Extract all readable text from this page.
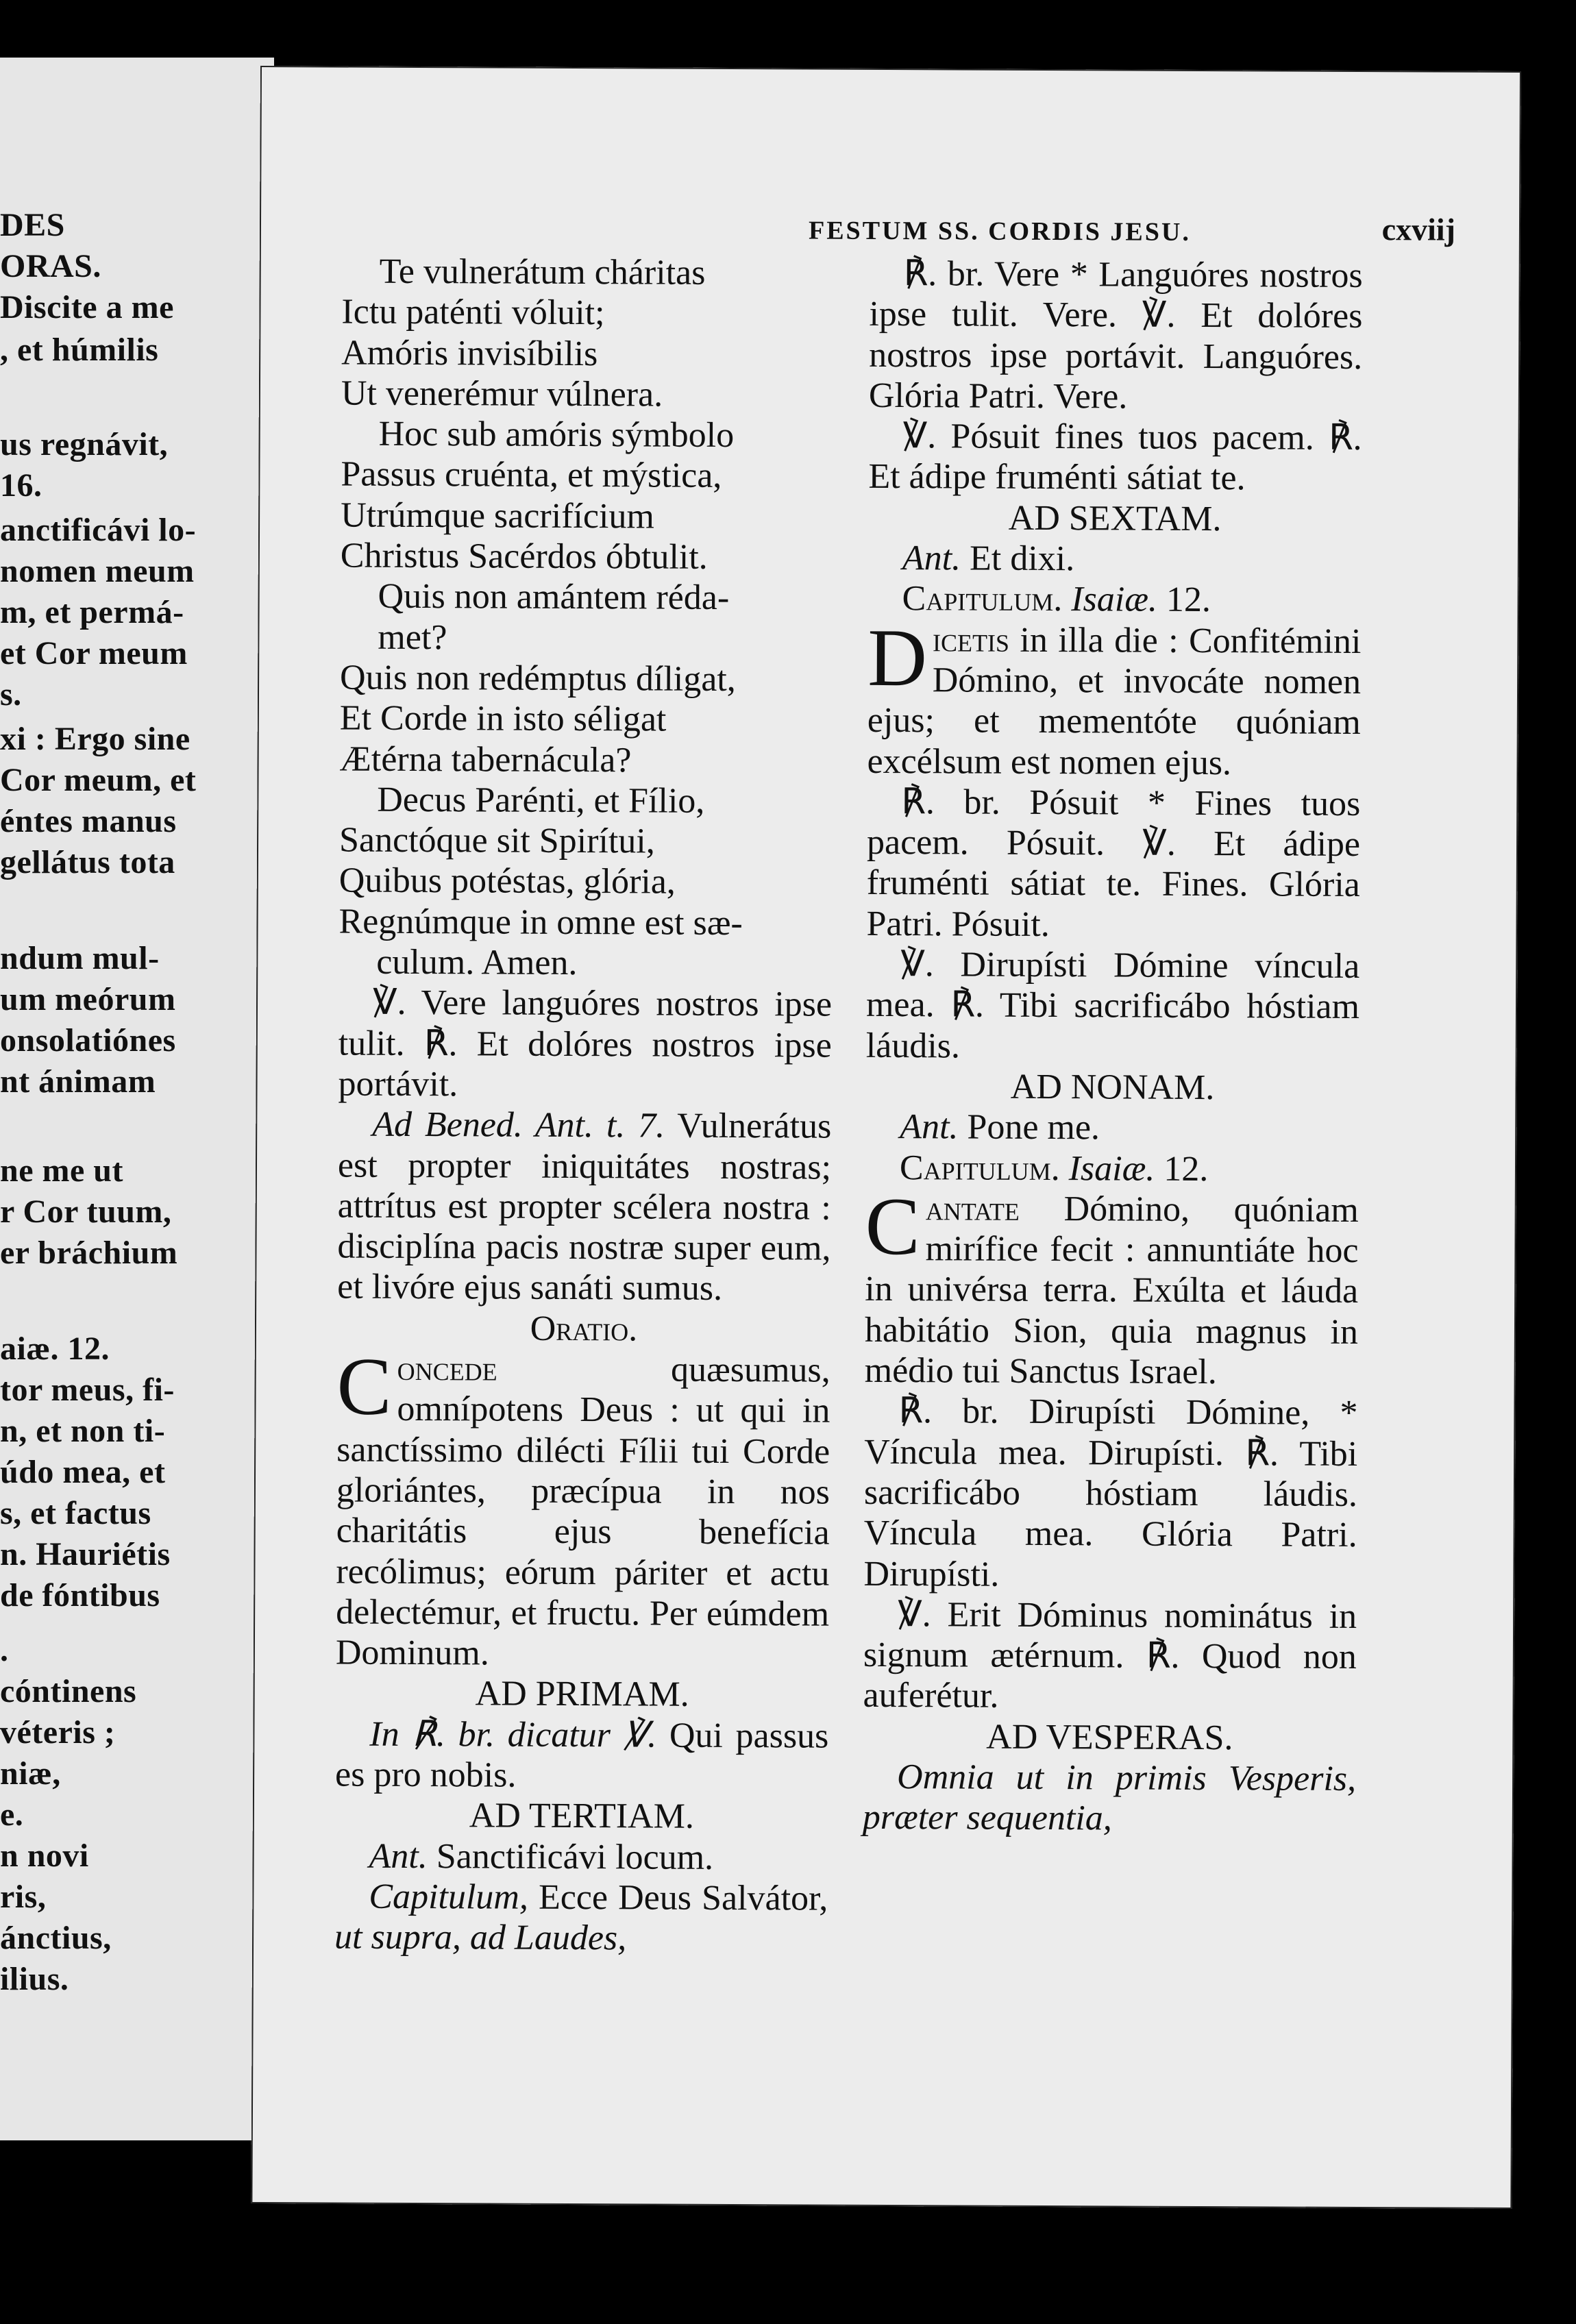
DES
ORAS.
Discite a me
, et húmilis
us regnávit,
16.
anctificávi lo-
nomen meum
m, et permá-
et Cor meum
s.
xi : Ergo sine
Cor meum, et
éntes manus
gellátus tota
ndum mul-
um meórum
onsolatiónes
nt ánimam
ne me ut
r Cor tuum,
er bráchium
aiæ. 12.
tor meus, fi-
n, et non ti-
údo mea, et
s, et factus
n. Hauriétis
de fóntibus
.
cóntinens
véteris ;
niæ,
e.
n novi
ris,
ánctius,
ilius.
FESTUM SS. CORDIS JESU.	cxviij

Te vulnerátum cháritas

Ictu paténti vóluit;

Amóris invisíbilis

Ut venerémur vúlnera.

Hoc sub amóris sýmbolo

Passus cruénta, et mýstica,

Utrúmque sacrifícium

Christus Sacérdos óbtulit.

Quis non amántem réda-

met?

Quis non redémptus díligat,

Et Corde in isto séligat

Ætérna tabernácula?

Decus Parénti, et Fílio,

Sanctóque sit Spirítui,

Quibus potéstas, glória,

Regnúmque in omne est sæ-

culum. Amen.

℣. Vere languóres nostros ipse tulit. ℟. Et dolóres nostros ipse portávit.

Ad Bened. Ant. t. 7. Vulnerátus est propter iniquitátes nostras; attrítus est propter scélera nostra : disciplína pacis nostræ super eum, et livóre ejus sanáti sumus.

Oratio.

Concede	quæsumus, omnípotens Deus : ut qui in sanctíssimo dilécti Fílii tui Corde gloriántes, præcípua in nos charitátis ejus benefícia recólimus; eórum páriter et actu delectémur, et fructu. Per eúmdem Dominum.

AD PRIMAM.

In ℟. br. dicatur ℣. Qui passus es pro nobis.

AD TERTIAM.

Ant. Sanctificávi locum.

Capitulum, Ecce Deus Salvátor, ut supra, ad Laudes,

℟. br. Vere * Languóres nostros ipse tulit. Vere. ℣. Et dolóres nostros ipse portávit. Languóres. Glória Patri. Vere.

℣. Pósuit fines tuos pacem. ℟. Et ádipe fruménti sátiat te.

AD SEXTAM.

Ant. Et dixi.

Capitulum. Isaiæ. 12.

Dicetis in illa die : Confitémini Dómino, et invocáte nomen ejus; et mementóte quóniam excélsum est nomen ejus.

℟. br. Pósuit * Fines tuos pacem. Pósuit. ℣. Et ádipe fruménti sátiat te. Fines. Glória Patri. Pósuit.

℣. Dirupísti Dómine víncula mea. ℟. Tibi sacrificábo hóstiam láudis.

AD NONAM.

Ant. Pone me.

Capitulum. Isaiæ. 12.

Cantate Dómino, quóniam mirífice fecit : annuntiáte hoc in univérsa terra. Exúlta et láuda habitátio Sion, quia magnus in médio tui Sanctus Israel.

℟. br. Dirupísti Dómine, * Víncula mea. Dirupísti. ℟. Tibi sacrificábo hóstiam láudis. Víncula mea. Glória Patri. Dirupísti.

℣. Erit Dóminus nominátus in signum ætérnum. ℟. Quod non auferétur.

AD VESPERAS.

Omnia ut in primis Vesperis, præter sequentia,
